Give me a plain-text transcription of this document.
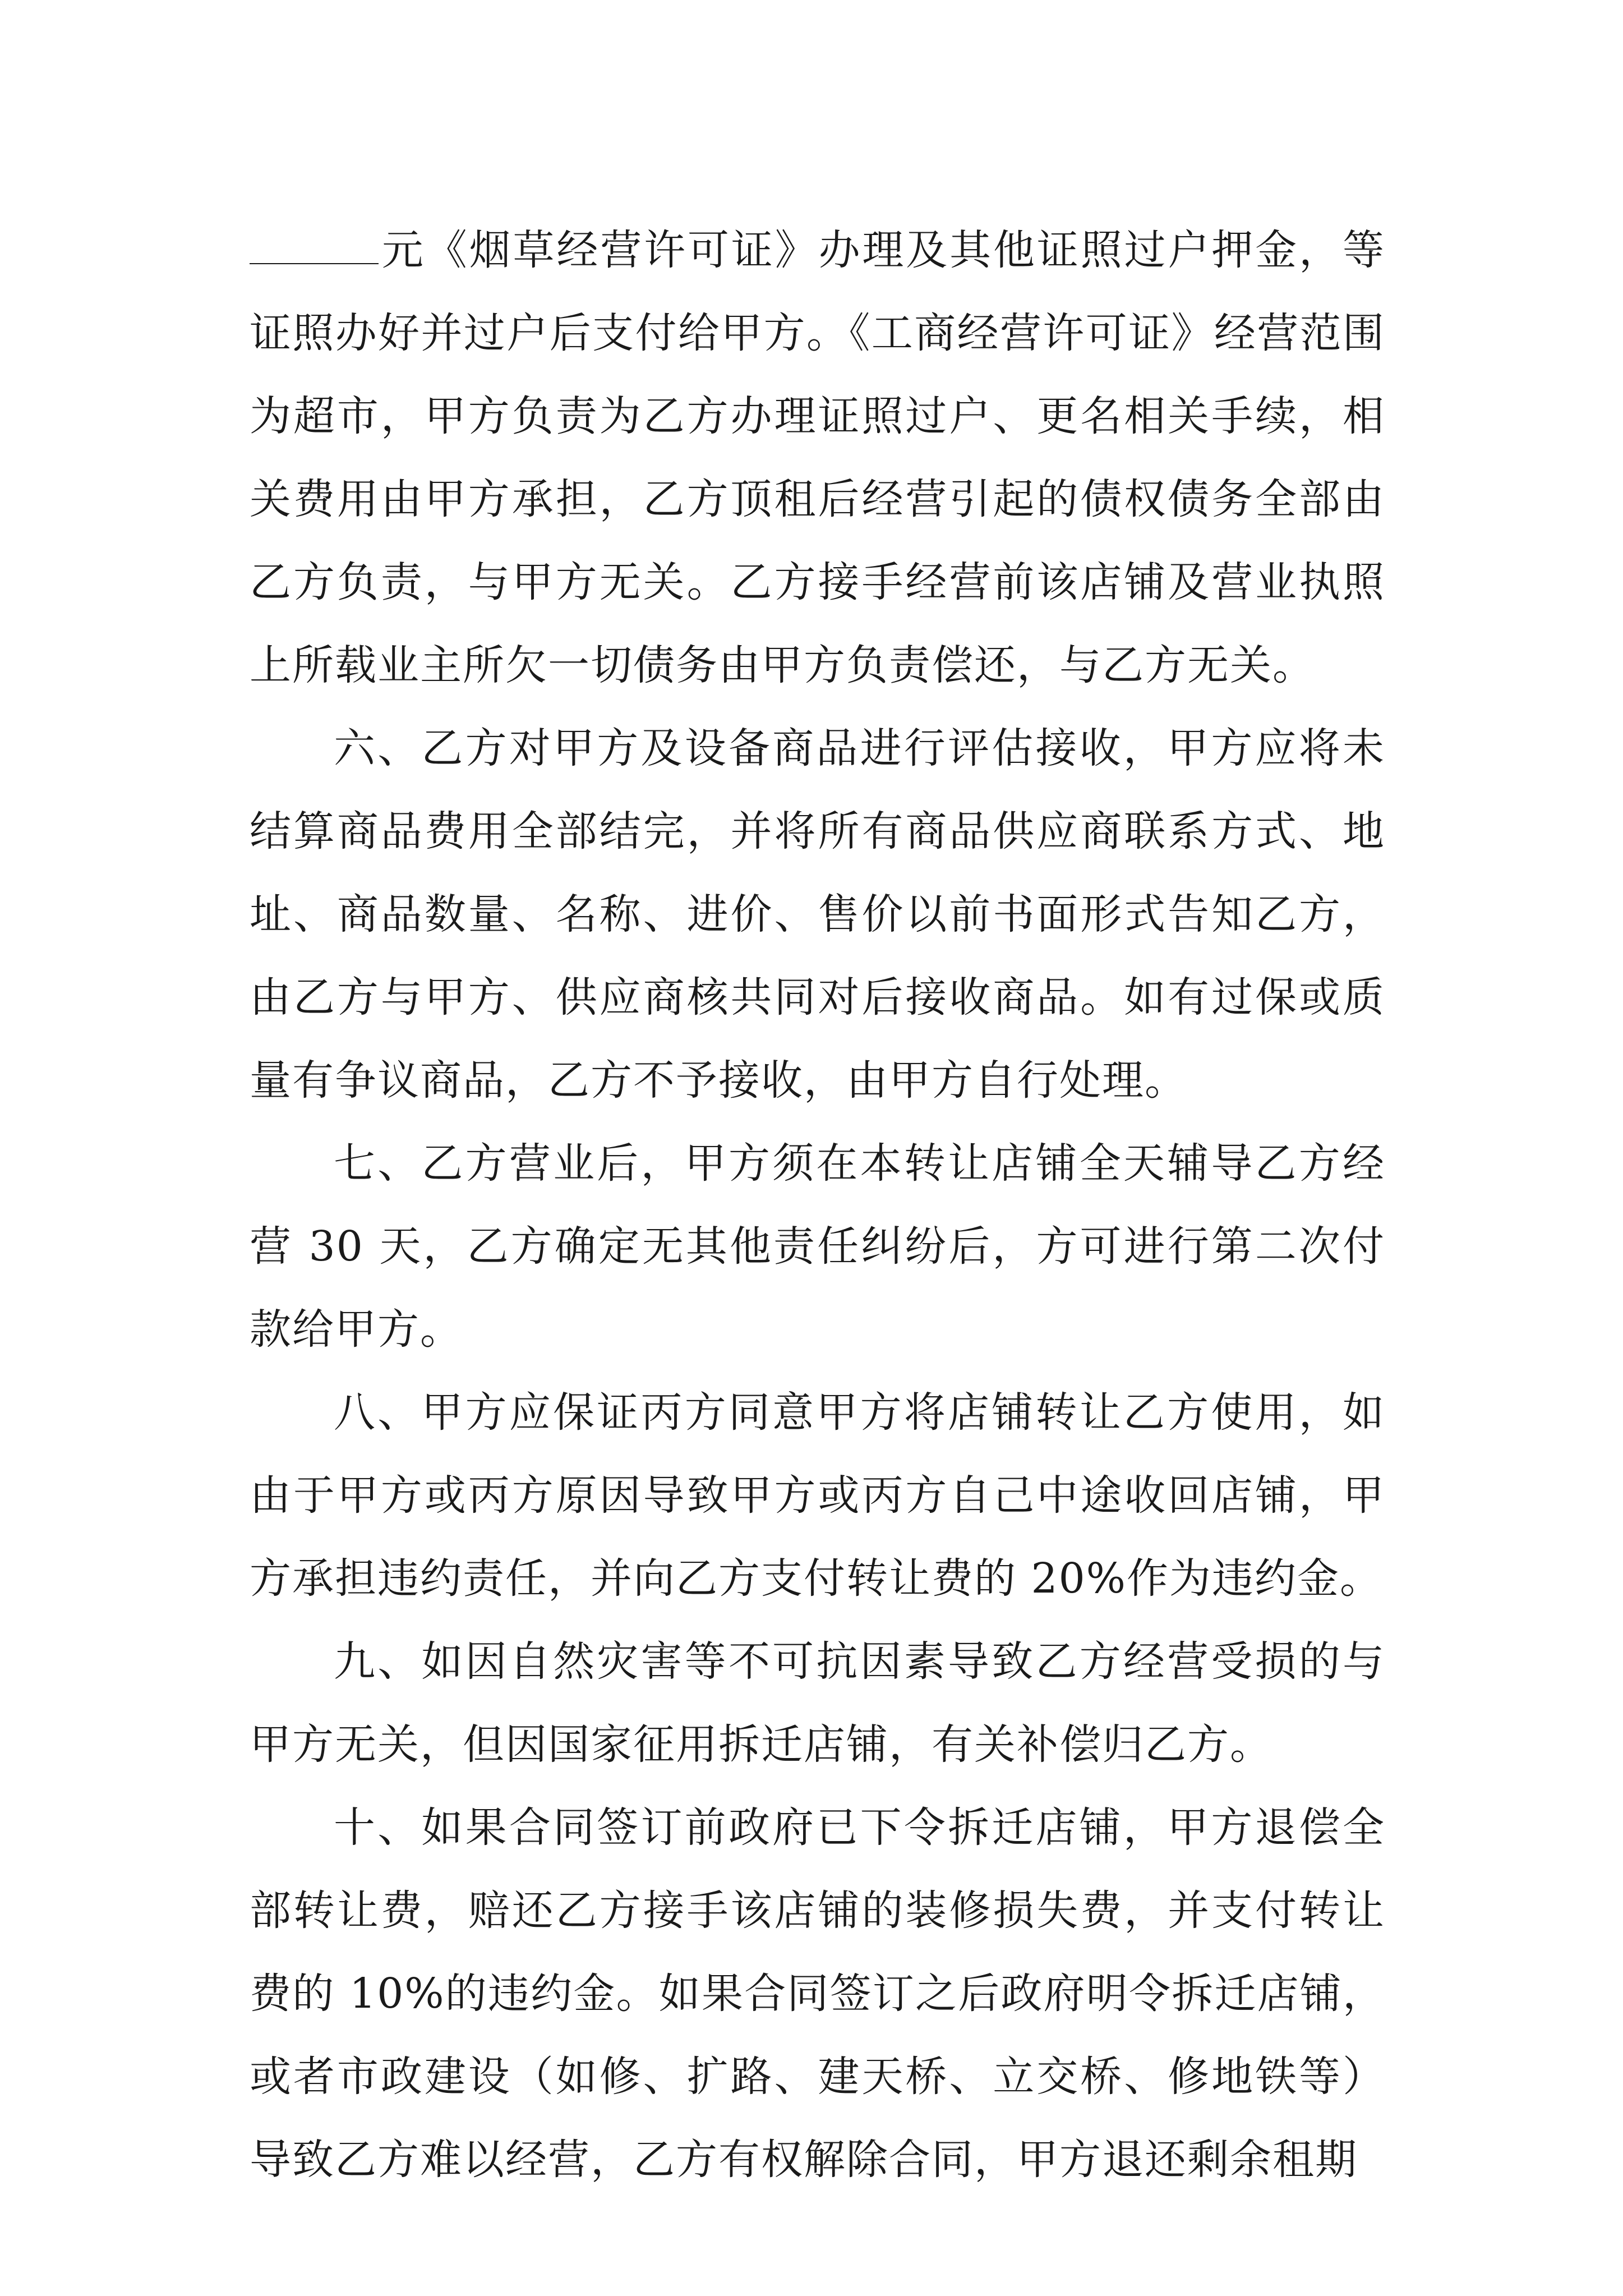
元《烟草经营许可证》办理及其他证照过户押金，等证照办好并过户后支付给甲方。《工商经营许可证》经营范围为超市，甲方负责为乙方办理证照过户、更名相关手续，相关费用由甲方承担，乙方顶租后经营引起的债权债务全部由乙方负责，与甲方无关。乙方接手经营前该店铺及营业执照上所载业主所欠一切债务由甲方负责偿还，与乙方无关。

六、乙方对甲方及设备商品进行评估接收，甲方应将未结算商品费用全部结完，并将所有商品供应商联系方式、地址、商品数量、名称、进价、售价以前书面形式告知乙方，由乙方与甲方、供应商核共同对后接收商品。如有过保或质量有争议商品，乙方不予接收，由甲方自行处理。

七、乙方营业后，甲方须在本转让店铺全天辅导乙方经营 30 天，乙方确定无其他责任纠纷后，方可进行第二次付款给甲方。

八、甲方应保证丙方同意甲方将店铺转让乙方使用，如由于甲方或丙方原因导致甲方或丙方自己中途收回店铺，甲方承担违约责任，并向乙方支付转让费的 20%作为违约金。

九、如因自然灾害等不可抗因素导致乙方经营受损的与甲方无关，但因国家征用拆迁店铺，有关补偿归乙方。

十、如果合同签订前政府已下令拆迁店铺，甲方退偿全部转让费，赔还乙方接手该店铺的装修损失费，并支付转让费的 10%的违约金。如果合同签订之后政府明令拆迁店铺，或者市政建设（如修、扩路、建天桥、立交桥、修地铁等）导致乙方难以经营，乙方有权解除合同，甲方退还剩余租期
